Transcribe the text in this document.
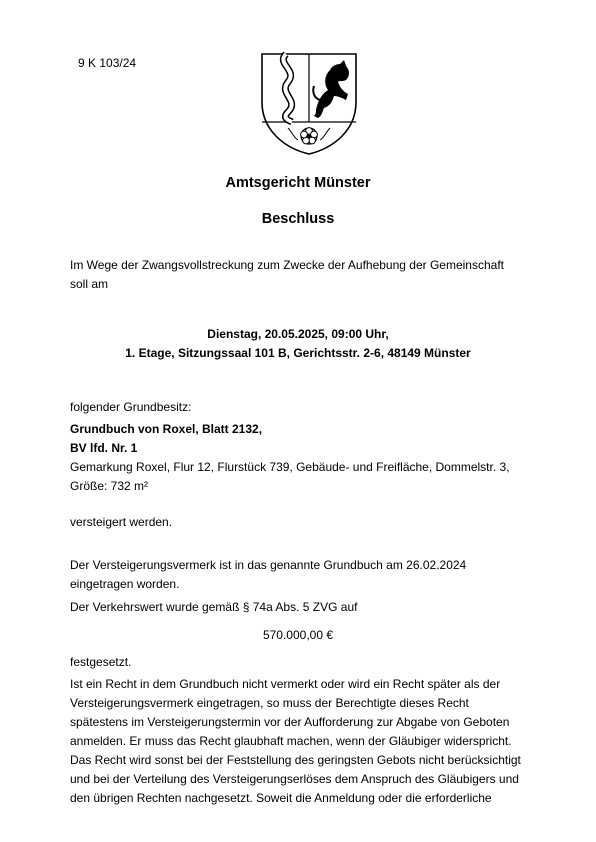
9 K 103/24
Amtsgericht Münster
Beschluss
Im Wege der Zwangsvollstreckung zum Zwecke der Aufhebung der Gemeinschaft
soll am
Dienstag, 20.05.2025, 09:00 Uhr,
1. Etage, Sitzungssaal 101 B, Gerichtsstr. 2-6, 48149 Münster
folgender Grundbesitz:
Grundbuch von Roxel, Blatt 2132,
BV lfd. Nr. 1
Gemarkung Roxel, Flur 12, Flurstück 739, Gebäude- und Freifläche, Dommelstr. 3,
Größe: 732 m²
versteigert werden.
Der Versteigerungsvermerk ist in das genannte Grundbuch am 26.02.2024
eingetragen worden.
Der Verkehrswert wurde gemäß § 74a Abs. 5 ZVG auf
570.000,00 €
festgesetzt.
Ist ein Recht in dem Grundbuch nicht vermerkt oder wird ein Recht später als der
Versteigerungsvermerk eingetragen, so muss der Berechtigte dieses Recht
spätestens im Versteigerungstermin vor der Aufforderung zur Abgabe von Geboten
anmelden. Er muss das Recht glaubhaft machen, wenn der Gläubiger widerspricht.
Das Recht wird sonst bei der Feststellung des geringsten Gebots nicht berücksichtigt
und bei der Verteilung des Versteigerungserlöses dem Anspruch des Gläubigers und
den übrigen Rechten nachgesetzt. Soweit die Anmeldung oder die erforderliche
